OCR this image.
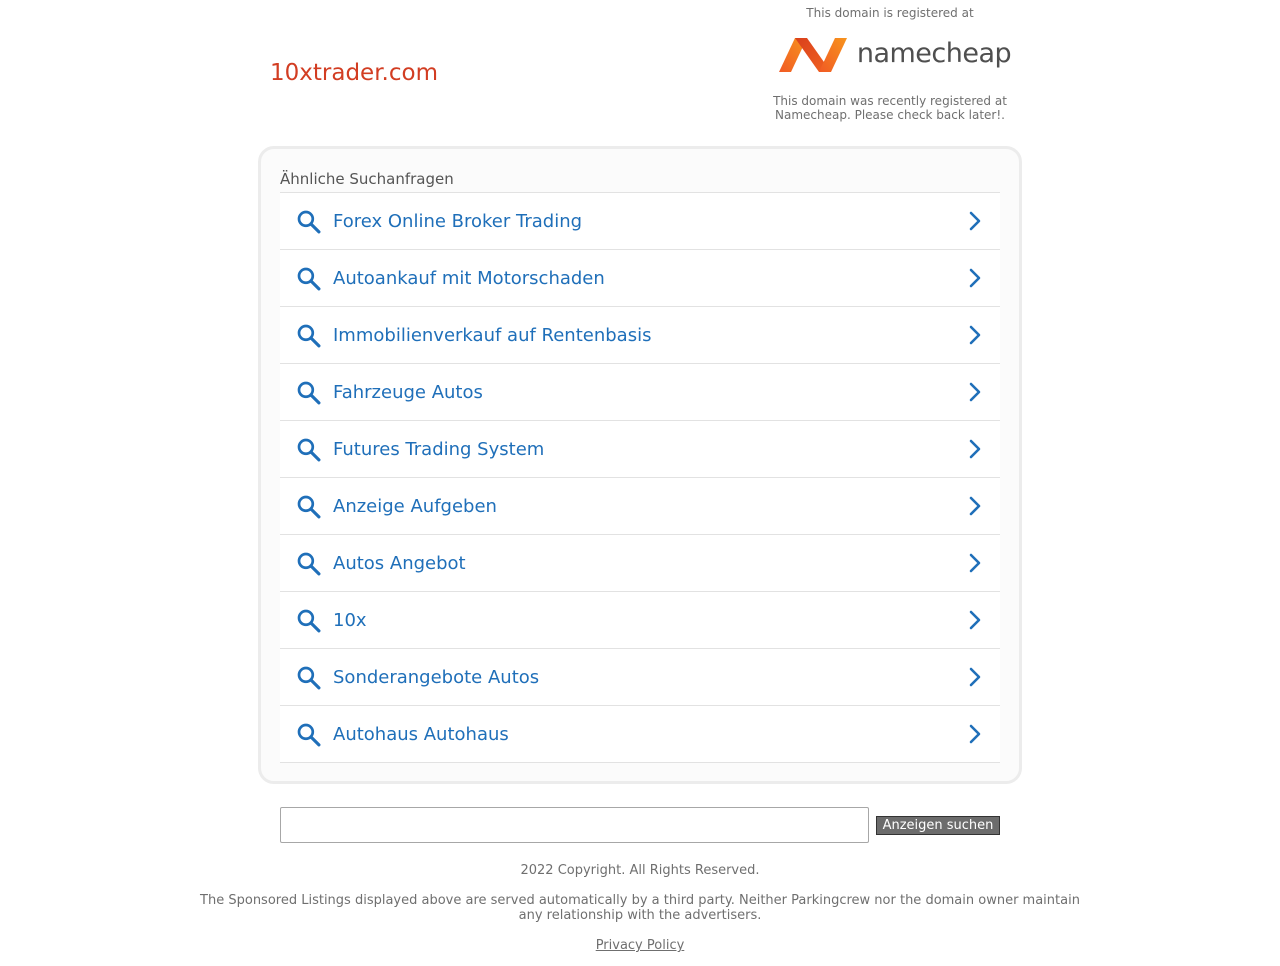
10xtrader.com
This domain is registered at
namecheap
This domain was recently registered at Namecheap. Please check back later!.
Ähnliche Suchanfragen
Forex Online Broker Trading
Autoankauf mit Motorschaden
Immobilienverkauf auf Rentenbasis
Fahrzeuge Autos
Futures Trading System
Anzeige Aufgeben
Autos Angebot
10x
Sonderangebote Autos
Autohaus Autohaus
Anzeigen suchen
2022 Copyright. All Rights Reserved.
The Sponsored Listings displayed above are served automatically by a third party. Neither Parkingcrew nor the domain owner maintain any relationship with the advertisers.
Privacy Policy
